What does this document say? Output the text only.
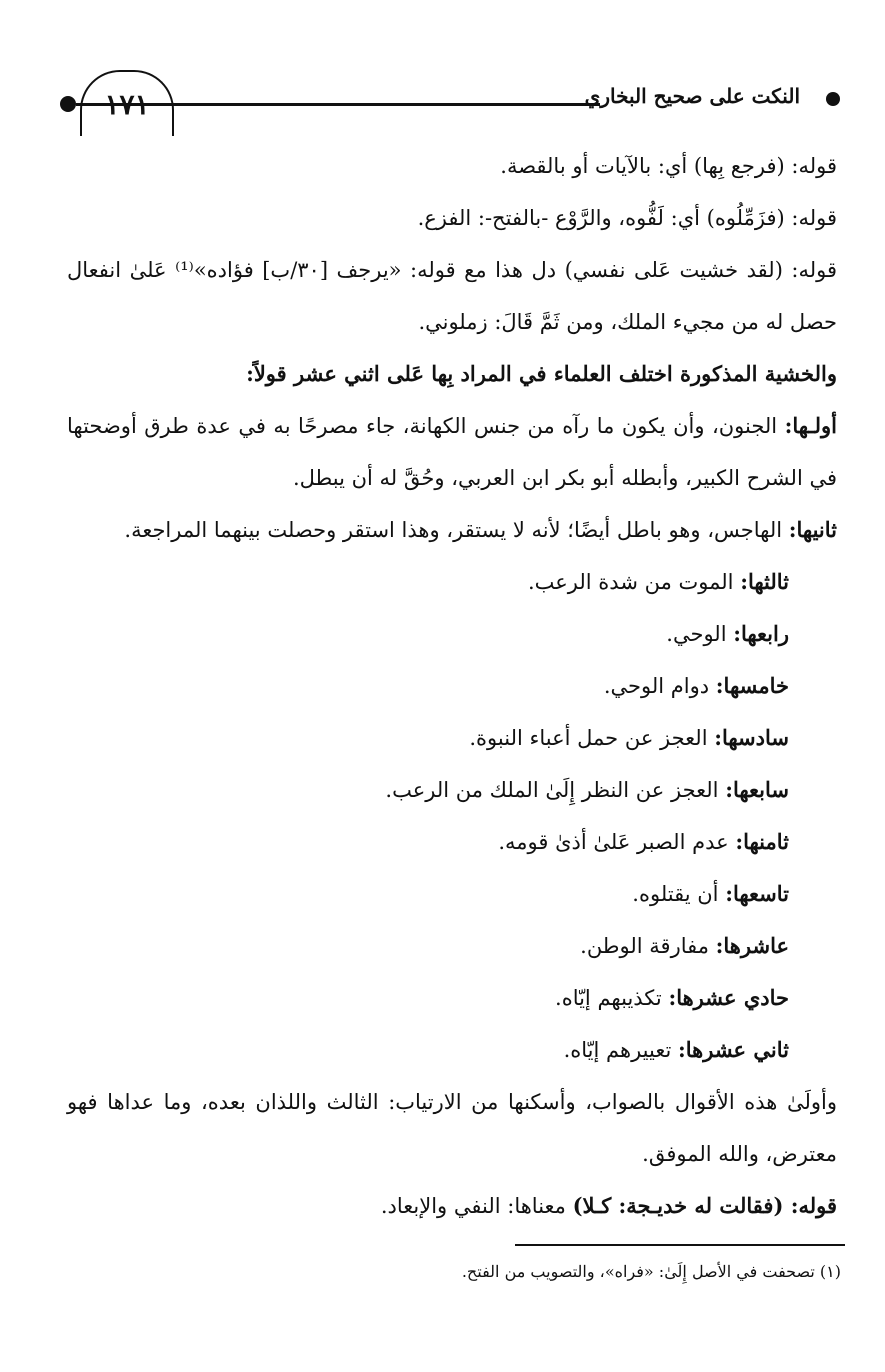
١٧١	النكت على صحيح البخاري

قوله: (فرجع بِها) أي: بالآيات أو بالقصة.

قوله: (فزَمِّلُوه) أي: لَفُّوه، والرَّوْع -بالفتح-: الفزع.

قوله: (لقد خشيت عَلى نفسي) دل هذا مع قوله: «يرجف [٣٠/ب] فؤاده»⁽¹⁾ عَلىٰ انفعال حصل له من مجيء الملك، ومن ثَمَّ قَالَ: زملوني.

والخشية المذكورة اختلف العلماء في المراد بِها عَلى اثني عشر قولاً:

أولـها: الجنون، وأن يكون ما رآه من جنس الكهانة، جاء مصرحًا به في عدة طرق أوضحتها في الشرح الكبير، وأبطله أبو بكر ابن العربي، وحُقَّ له أن يبطل.

ثانيها: الهاجس، وهو باطل أيضًا؛ لأنه لا يستقر، وهذا استقر وحصلت بينهما المراجعة.

ثالثها: الموت من شدة الرعب.

رابعها: الوحي.

خامسها: دوام الوحي.

سادسها: العجز عن حمل أعباء النبوة.

سابعها: العجز عن النظر إِلَىٰ الملك من الرعب.

ثامنها: عدم الصبر عَلىٰ أذىٰ قومه.

تاسعها: أن يقتلوه.

عاشرها: مفارقة الوطن.

حادي عشرها: تكذيبهم إيّاه.

ثاني عشرها: تعييرهم إيّاه.

وأولَىٰ هذه الأقوال بالصواب، وأسكنها من الارتياب: الثالث واللذان بعده، وما عداها فهو معترض، والله الموفق.

قوله: (فقالت له خديـجة: كـلا) معناها: النفي والإبعاد.

(١) تصحفت في الأصل إِلَىٰ: «فراه»، والتصويب من الفتح.
